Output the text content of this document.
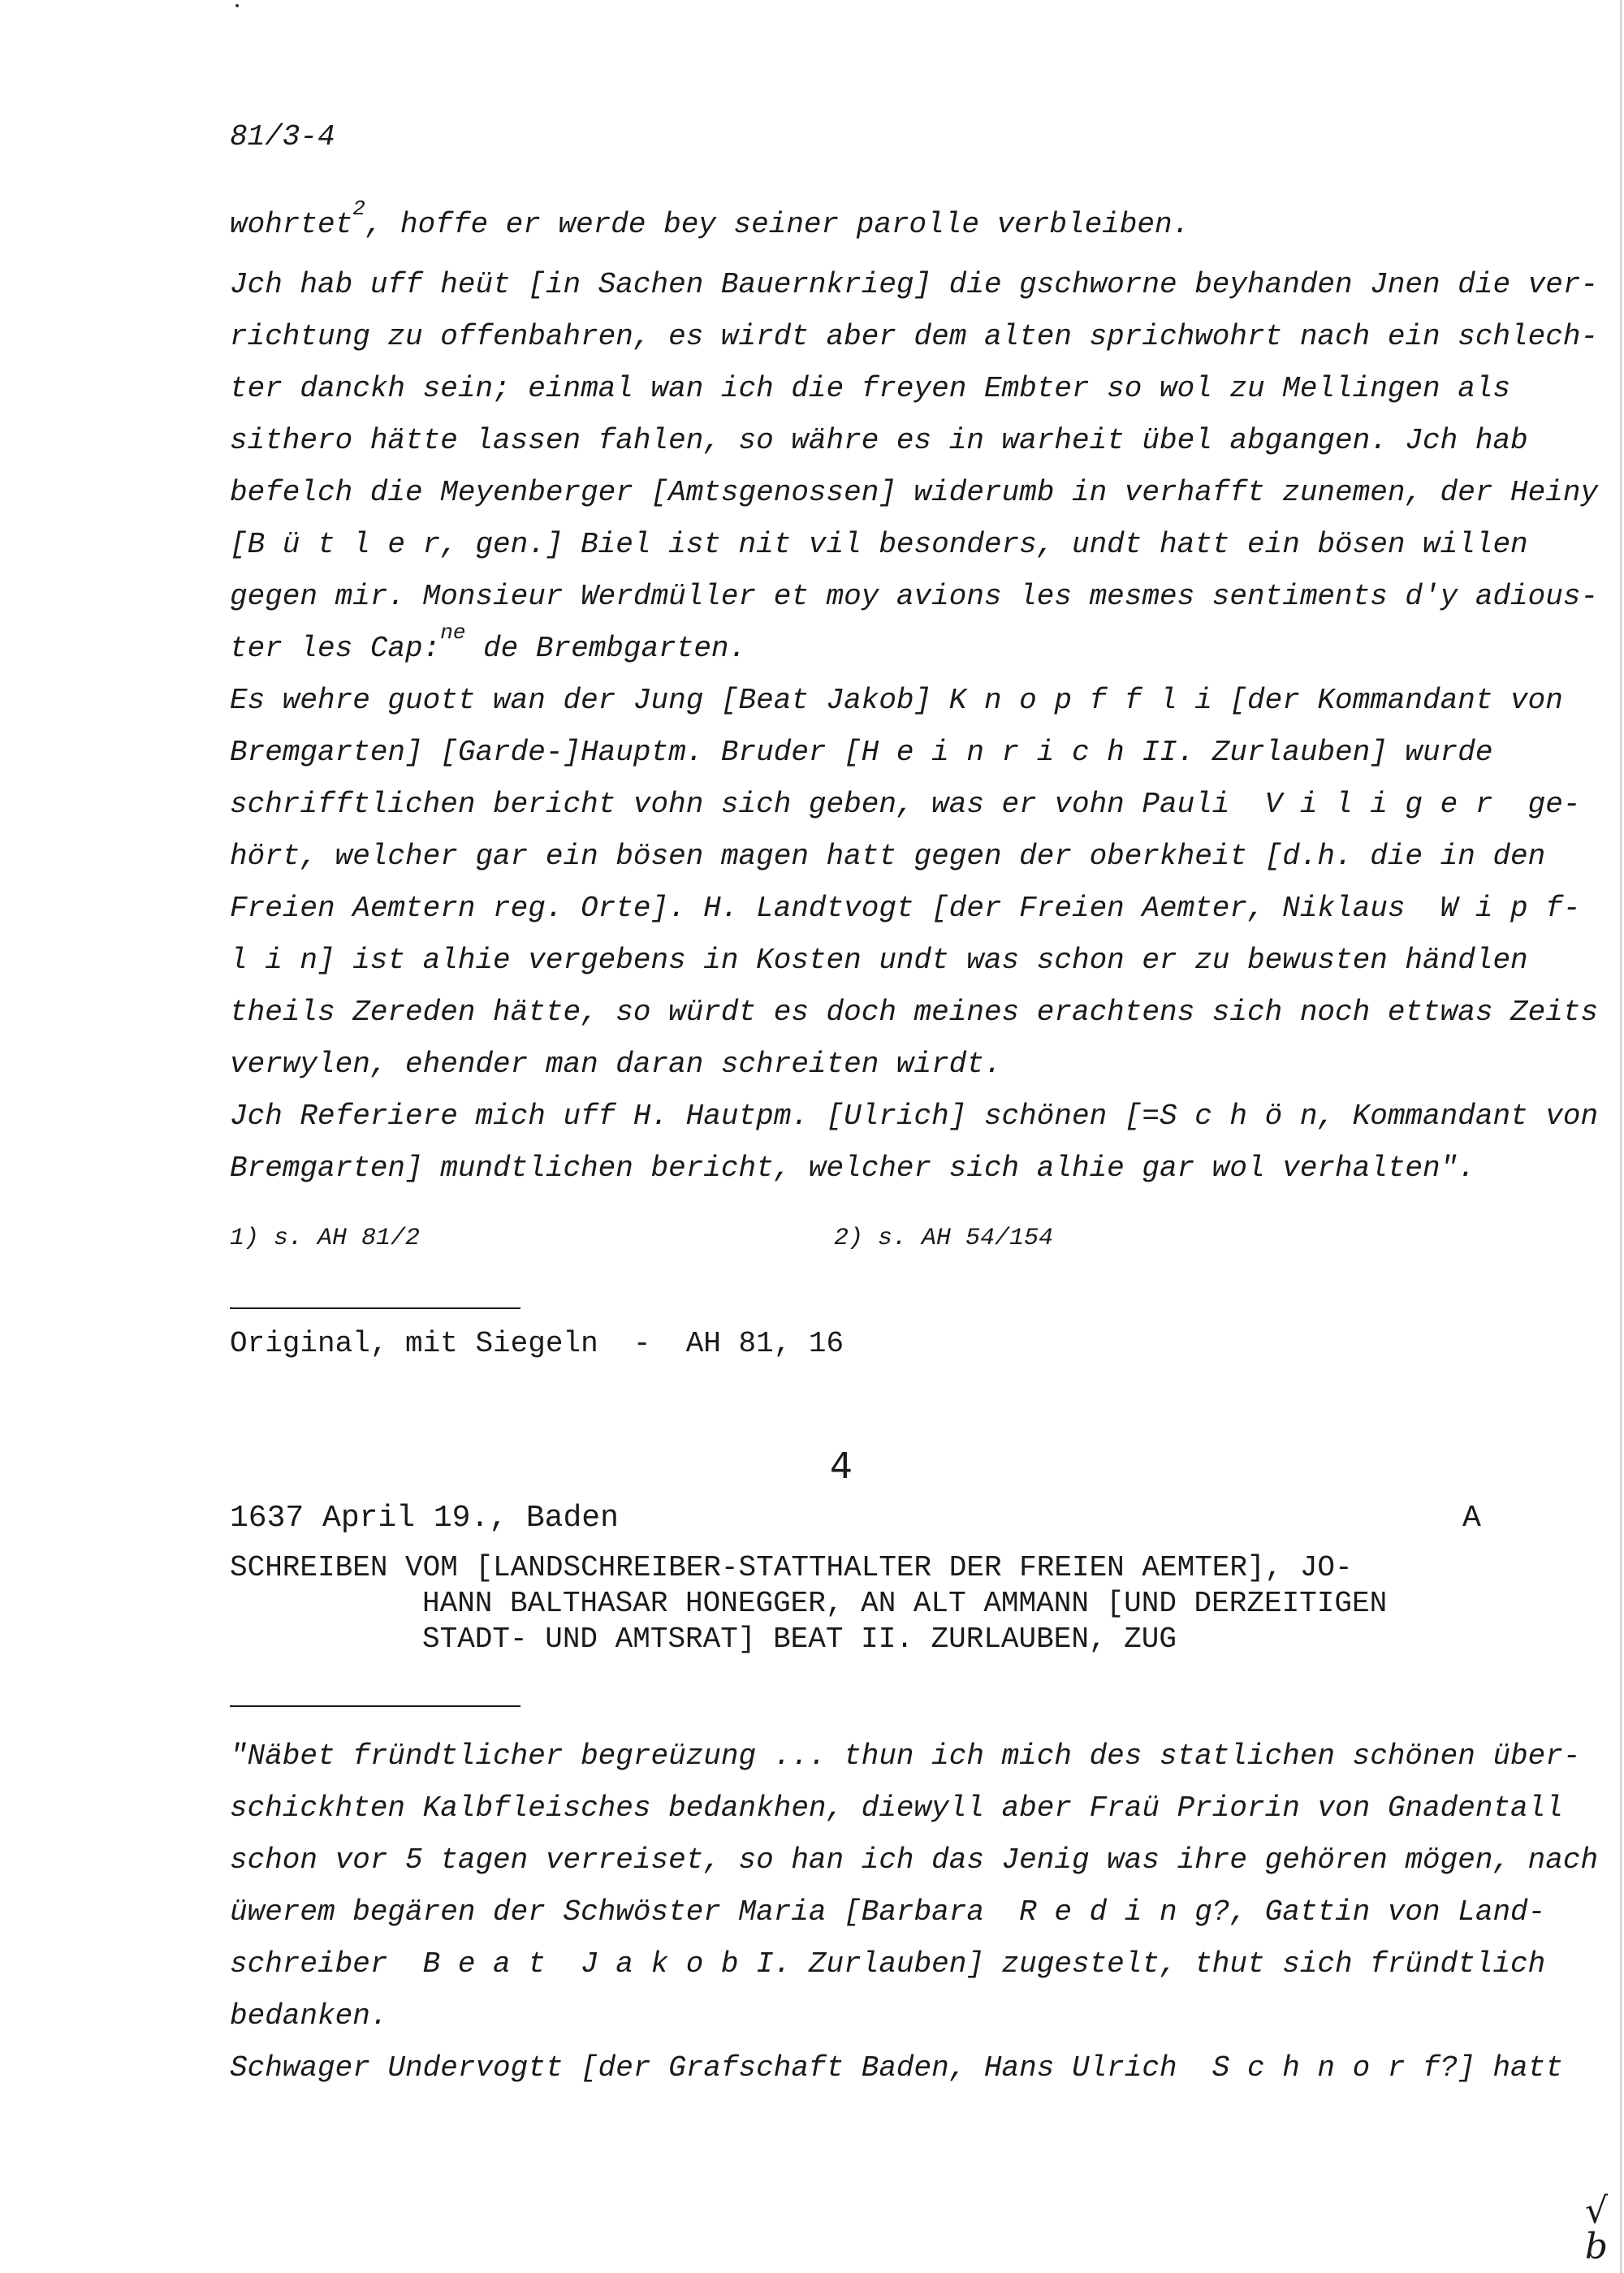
81/3-4
wohrtet$^2$, hoffe er werde bey seiner parolle verbleiben.
Jch hab uff heüt [in Sachen Bauernkrieg] die gschworne beyhanden Jnen die ver-
richtung zu offenbahren, es wirdt aber dem alten sprichwohrt nach ein schlech-
ter danckh sein; einmal wan ich die freyen Embter so wol zu Mellingen als
sithero hätte lassen fahlen, so währe es in warheit übel abgangen. Jch hab
befelch die Meyenberger [Amtsgenossen] widerumb in verhafft zunemen, der Heiny
[B ü t l e r, gen.] Biel ist nit vil besonders, undt hatt ein bösen willen
gegen mir. Monsieur Werdmüller et moy avions les mesmes sentiments d'y adious-
ter les Cap:$^{ne}$ de Brembgarten.
Es wehre guott wan der Jung [Beat Jakob] K n o p f f l i [der Kommandant von
Bremgarten] [Garde-]Hauptm. Bruder [H e i n r i c h II. Zurlauben] wurde
schrifftlichen bericht vohn sich geben, was er vohn Pauli  V i l i g e r  ge-
hört, welcher gar ein bösen magen hatt gegen der oberkheit [d.h. die in den
Freien Aemtern reg. Orte]. H. Landtvogt [der Freien Aemter, Niklaus  W i p f-
l i n] ist alhie vergebens in Kosten undt was schon er zu bewusten händlen
theils Zereden hätte, so würdt es doch meines erachtens sich noch ettwas Zeits
verwylen, ehender man daran schreiten wirdt.
Jch Referiere mich uff H. Hautpm. [Ulrich] schönen [=S c h ö n, Kommandant von
Bremgarten] mundtlichen bericht, welcher sich alhie gar wol verhalten".
1) s. AH 81/2	2) s. AH 54/154
Original, mit Siegeln  -  AH 81, 16
4
1637 April 19., Baden	A
SCHREIBEN VOM [LANDSCHREIBER-STATTHALTER DER FREIEN AEMTER], JO-
HANN BALTHASAR HONEGGER, AN ALT AMMANN [UND DERZEITIGEN
STADT- UND AMTSRAT] BEAT II. ZURLAUBEN, ZUG
"Näbet fründtlicher begreüzung ... thun ich mich des statlichen schönen über-
schickhten Kalbfleisches bedankhen, diewyll aber Fraü Priorin von Gnadentall
schon vor 5 tagen verreiset, so han ich das Jenig was ihre gehören mögen, nach
üwerem begären der Schwöster Maria [Barbara  R e d i n g?, Gattin von Land-
schreiber  B e a t  J a k o b I. Zurlauben] zugestelt, thut sich fründtlich
bedanken.
Schwager Undervogtt [der Grafschaft Baden, Hans Ulrich  S c h n o r f?] hatt
√
b
